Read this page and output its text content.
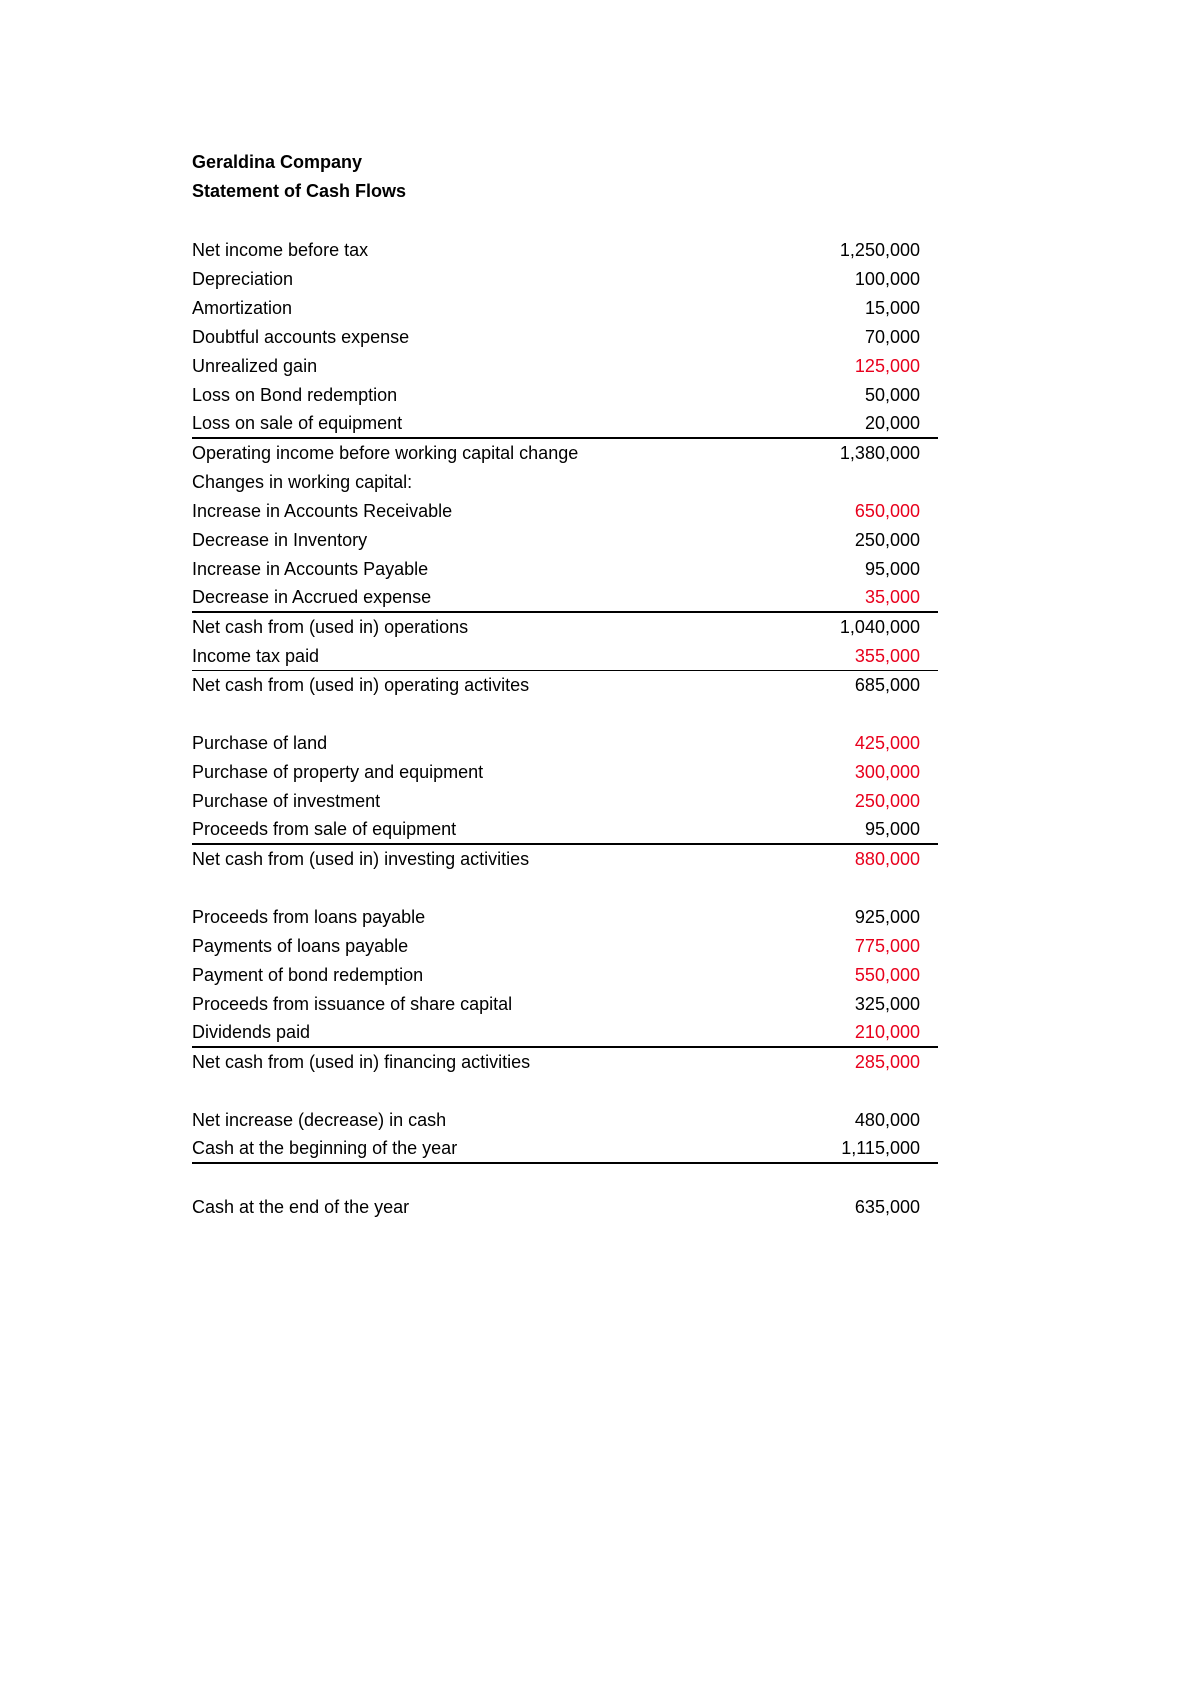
Geraldina Company
Statement of Cash Flows
Net income before tax	1,250,000
Depreciation	100,000
Amortization	15,000
Doubtful accounts expense	70,000
Unrealized gain	125,000
Loss on Bond redemption	50,000
Loss on sale of equipment	20,000
Operating income before working capital change	1,380,000
Changes in working capital:
Increase in Accounts Receivable	650,000
Decrease in Inventory	250,000
Increase in Accounts Payable	95,000
Decrease in Accrued expense	35,000
Net cash from (used in) operations	1,040,000
Income tax paid	355,000
Net cash from (used in) operating activites	685,000
Purchase of land	425,000
Purchase of property and equipment	300,000
Purchase of investment	250,000
Proceeds from sale of equipment	95,000
Net cash from (used in) investing activities	880,000
Proceeds from loans payable	925,000
Payments of loans payable	775,000
Payment of bond redemption	550,000
Proceeds from issuance of share capital	325,000
Dividends paid	210,000
Net cash from (used in) financing activities	285,000
Net increase (decrease) in cash	480,000
Cash at the beginning of the year	1,115,000
Cash at the end of the year	635,000
